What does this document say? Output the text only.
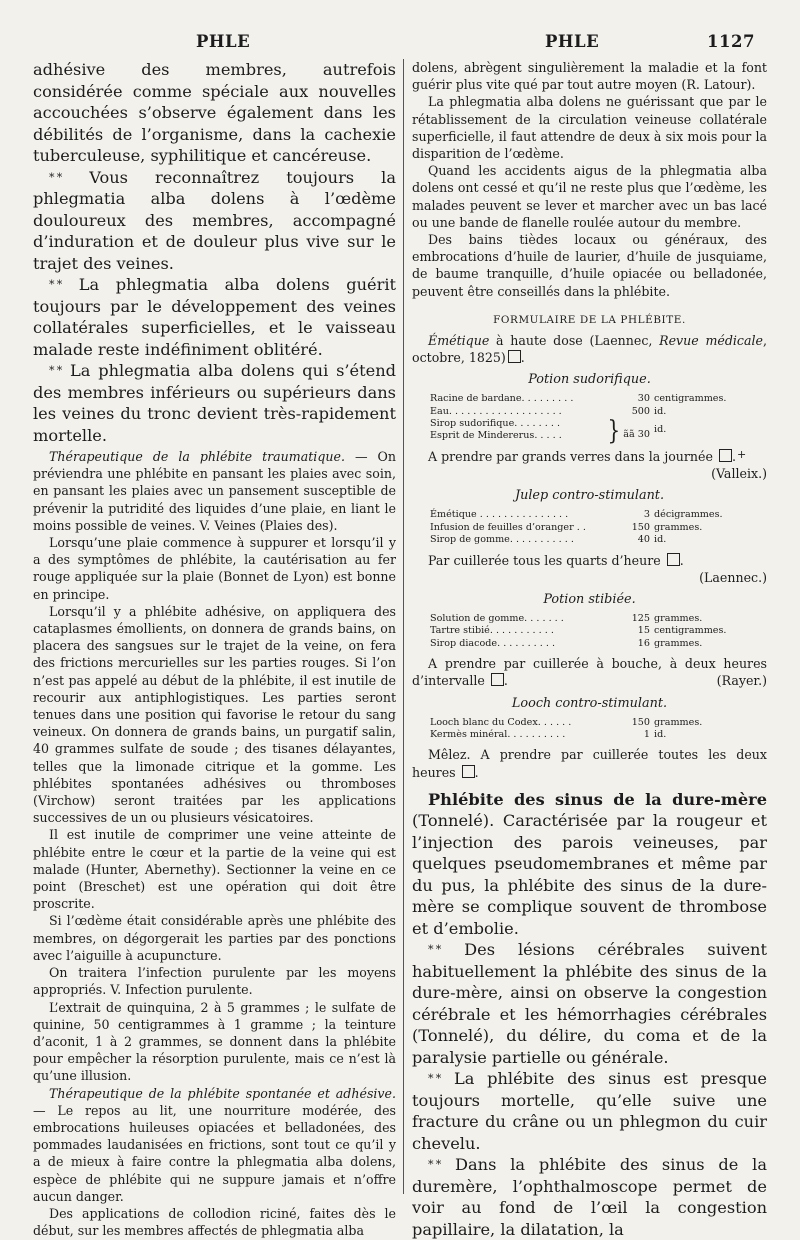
PHLE	PHLE	1127

adhésive des membres, autrefois considérée comme spéciale aux nouvelles accouchées s’observe également dans les débilités de l’organisme, dans la cachexie tuberculeuse, syphilitique et cancéreuse.

* * Vous reconnaîtrez toujours la phlegmatia alba dolens à l’œdème douloureux des membres, accompagné d’induration et de douleur plus vive sur le trajet des veines.

* * La phlegmatia alba dolens guérit toujours par le développement des veines collatérales superficielles, et le vaisseau malade reste indéfiniment oblitéré.

* * La phlegmatia alba dolens qui s’étend des membres inférieurs ou supérieurs dans les veines du tronc devient très-rapidement mortelle.

Thérapeutique de la phlébite traumatique. — On préviendra une phlébite en pansant les plaies avec soin, en pansant les plaies avec un pansement susceptible de prévenir la putridité des liquides d’une plaie, en liant le moins possible de veines. V. Veines (Plaies des).

Lorsqu’une plaie commence à suppurer et lorsqu’il y a des symptômes de phlébite, la cautérisation au fer rouge appliquée sur la plaie (Bonnet de Lyon) est bonne en principe.

Lorsqu’il y a phlébite adhésive, on appliquera des cataplasmes émollients, on donnera de grands bains, on placera des sangsues sur le trajet de la veine, on fera des frictions mercurielles sur les parties rouges. Si l’on n’est pas appelé au début de la phlébite, il est inutile de recourir aux antiphlogistiques. Les parties seront tenues dans une position qui favorise le retour du sang veineux. On donnera de grands bains, un purgatif salin, 40 grammes sulfate de soude ; des tisanes délayantes, telles que la limonade citrique et la gomme. Les phlébites spontanées adhésives ou thromboses (Virchow) seront traitées par les applications successives de un ou plusieurs vésicatoires.

Il est inutile de comprimer une veine atteinte de phlébite entre le cœur et la partie de la veine qui est malade (Hunter, Abernethy). Sectionner la veine en ce point (Breschet) est une opération qui doit être proscrite.

Si l’œdème était considérable après une phlébite des membres, on dégorgerait les parties par des ponctions avec l’aiguille à acupuncture.

On traitera l’infection purulente par les moyens appropriés. V. Infection purulente.

L’extrait de quinquina, 2 à 5 grammes ; le sulfate de quinine, 50 centigrammes à 1 gramme ; la teinture d’aconit, 1 à 2 grammes, se donnent dans la phlébite pour empêcher la résorption purulente, mais ce n’est là qu’une illusion.

Thérapeutique de la phlébite spontanée et adhésive. — Le repos au lit, une nourriture modérée, des embrocations huileuses opiacées et belladonées, des pommades laudanisées en frictions, sont tout ce qu’il y a de mieux à faire contre la phlegmatia alba dolens, espèce de phlébite qui ne suppure jamais et n’offre aucun danger.

Des applications de collodion riciné, faites dès le début, sur les membres affectés de phlegmatia alba

dolens, abrègent singulièrement la maladie et la font guérir plus vite qué par tout autre moyen (R. Latour).

La phlegmatia alba dolens ne guérissant que par le rétablissement de la circulation veineuse collatérale superficielle, il faut attendre de deux à six mois pour la disparition de l’œdème.

Quand les accidents aigus de la phlegmatia alba dolens ont cessé et qu’il ne reste plus que l’œdème, les malades peuvent se lever et marcher avec un bas lacé ou une bande de flanelle roulée autour du membre.

Des bains tièdes locaux ou généraux, des embrocations d’huile de laurier, d’huile de jusquiame, de baume tranquille, d’huile opiacée ou belladonée, peuvent être conseillés dans la phlébite.

FORMULAIRE DE LA PHLÉBITE.

Émétique à haute dose (Laennec, Revue médicale, octobre, 1825) .

Potion sudorifique.
Racine de bardane. . . . . . . . .	30	centigrammes.
Eau. . . . . . . . . . . . . . . . . . .	500	id.
Sirop sudorifique. . . . . . . .	} ãã 30	id.
Esprit de Mindererus. . . . .		

A prendre par grands verres dans la journée + .

(Valleix.)

Julep contro-stimulant.
Émétique . . . . . . . . . . . . . . .	3	décigrammes.
Infusion de feuilles d’oranger . .	150	grammes.
Sirop de gomme. . . . . . . . . . .	40	id.

Par cuillerée tous les quarts d’heure .

(Laennec.)

Potion stibiée.
Solution de gomme. . . . . . .	125	grammes.
Tartre stibié. . . . . . . . . . .	15	centigrammes.
Sirop diacode. . . . . . . . . .	16	grammes.

A prendre par cuillerée à bouche, à deux heures d’intervalle .	(Rayer.)

Looch contro-stimulant.
Looch blanc du Codex. . . . . .	150	grammes.
Kermès minéral. . . . . . . . . .	1	id.

Mêlez. A prendre par cuillerée toutes les deux heures .

Phlébite des sinus de la dure-mère (Tonnelé). Caractérisée par la rougeur et l’injection des parois veineuses, par quelques pseudomembranes et même par du pus, la phlébite des sinus de la dure-mère se complique souvent de thrombose et d’embolie.

* * Des lésions cérébrales suivent habituellement la phlébite des sinus de la dure-mère, ainsi on observe la congestion cérébrale et les hémorrhagies cérébrales (Tonnelé), du délire, du coma et de la paralysie partielle ou générale.

* * La phlébite des sinus est presque toujours mortelle, qu’elle suive une fracture du crâne ou un phlegmon du cuir chevelu.

* * Dans la phlébite des sinus de la duremère, l’ophthalmoscope permet de voir au fond de l’œil la congestion papillaire, la dilatation, la
